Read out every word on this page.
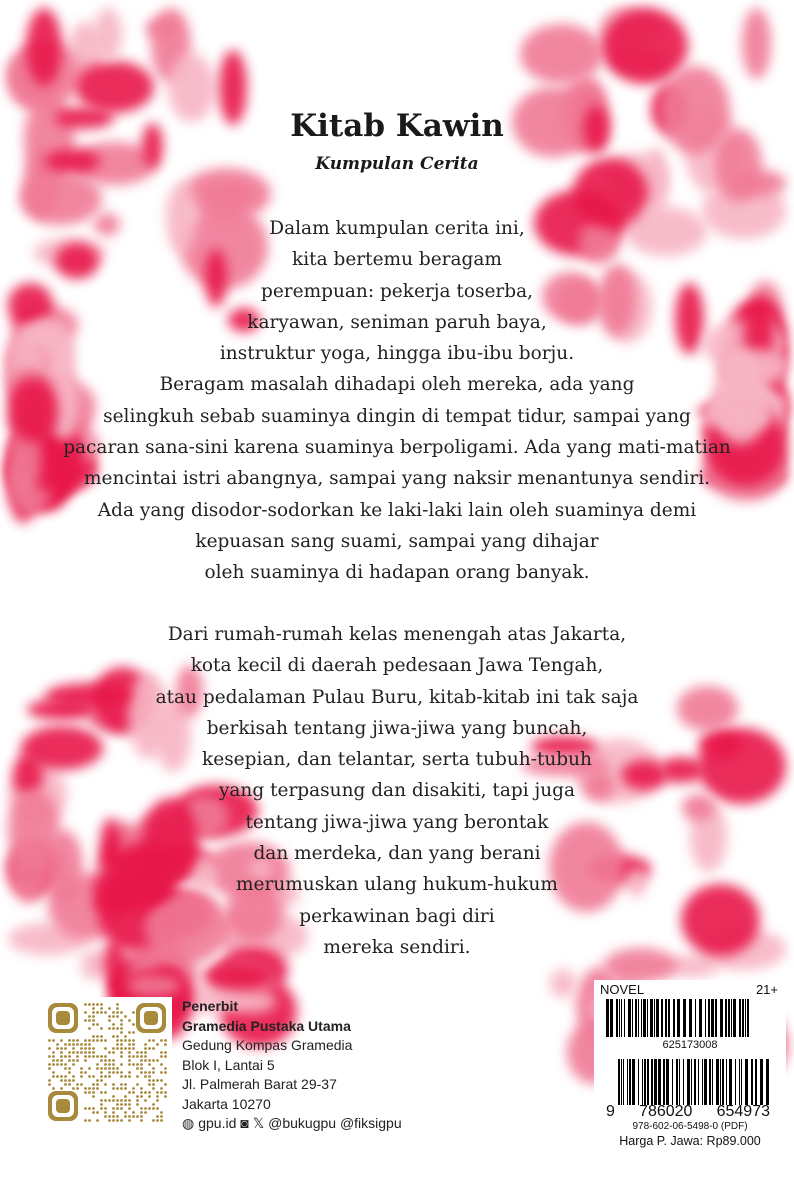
Kitab Kawin
Kumpulan Cerita
Dalam kumpulan cerita ini,
kita bertemu beragam
perempuan: pekerja toserba,
karyawan, seniman paruh baya,
instruktur yoga, hingga ibu-ibu borju.
Beragam masalah dihadapi oleh mereka, ada yang
selingkuh sebab suaminya dingin di tempat tidur, sampai yang
pacaran sana-sini karena suaminya berpoligami. Ada yang mati-matian
mencintai istri abangnya, sampai yang naksir menantunya sendiri.
Ada yang disodor-sodorkan ke laki-laki lain oleh suaminya demi
kepuasan sang suami, sampai yang dihajar
oleh suaminya di hadapan orang banyak.
Dari rumah-rumah kelas menengah atas Jakarta,
kota kecil di daerah pedesaan Jawa Tengah,
atau pedalaman Pulau Buru, kitab-kitab ini tak saja
berkisah tentang jiwa-jiwa yang buncah,
kesepian, dan telantar, serta tubuh-tubuh
yang terpasung dan disakiti, tapi juga
tentang jiwa-jiwa yang berontak
dan merdeka, dan yang berani
merumuskan ulang hukum-hukum
perkawinan bagi diri
mereka sendiri.
Penerbit
Gramedia Pustaka Utama
Gedung Kompas Gramedia
Blok I, Lantai 5
Jl. Palmerah Barat 29-37
Jakarta 10270
◍ gpu.id ◙ 𝕏 @bukugpu @fiksigpu
NOVEL	21+
625173008
9 786020 654973
978-602-06-5498-0 (PDF)
Harga P. Jawa: Rp89.000
